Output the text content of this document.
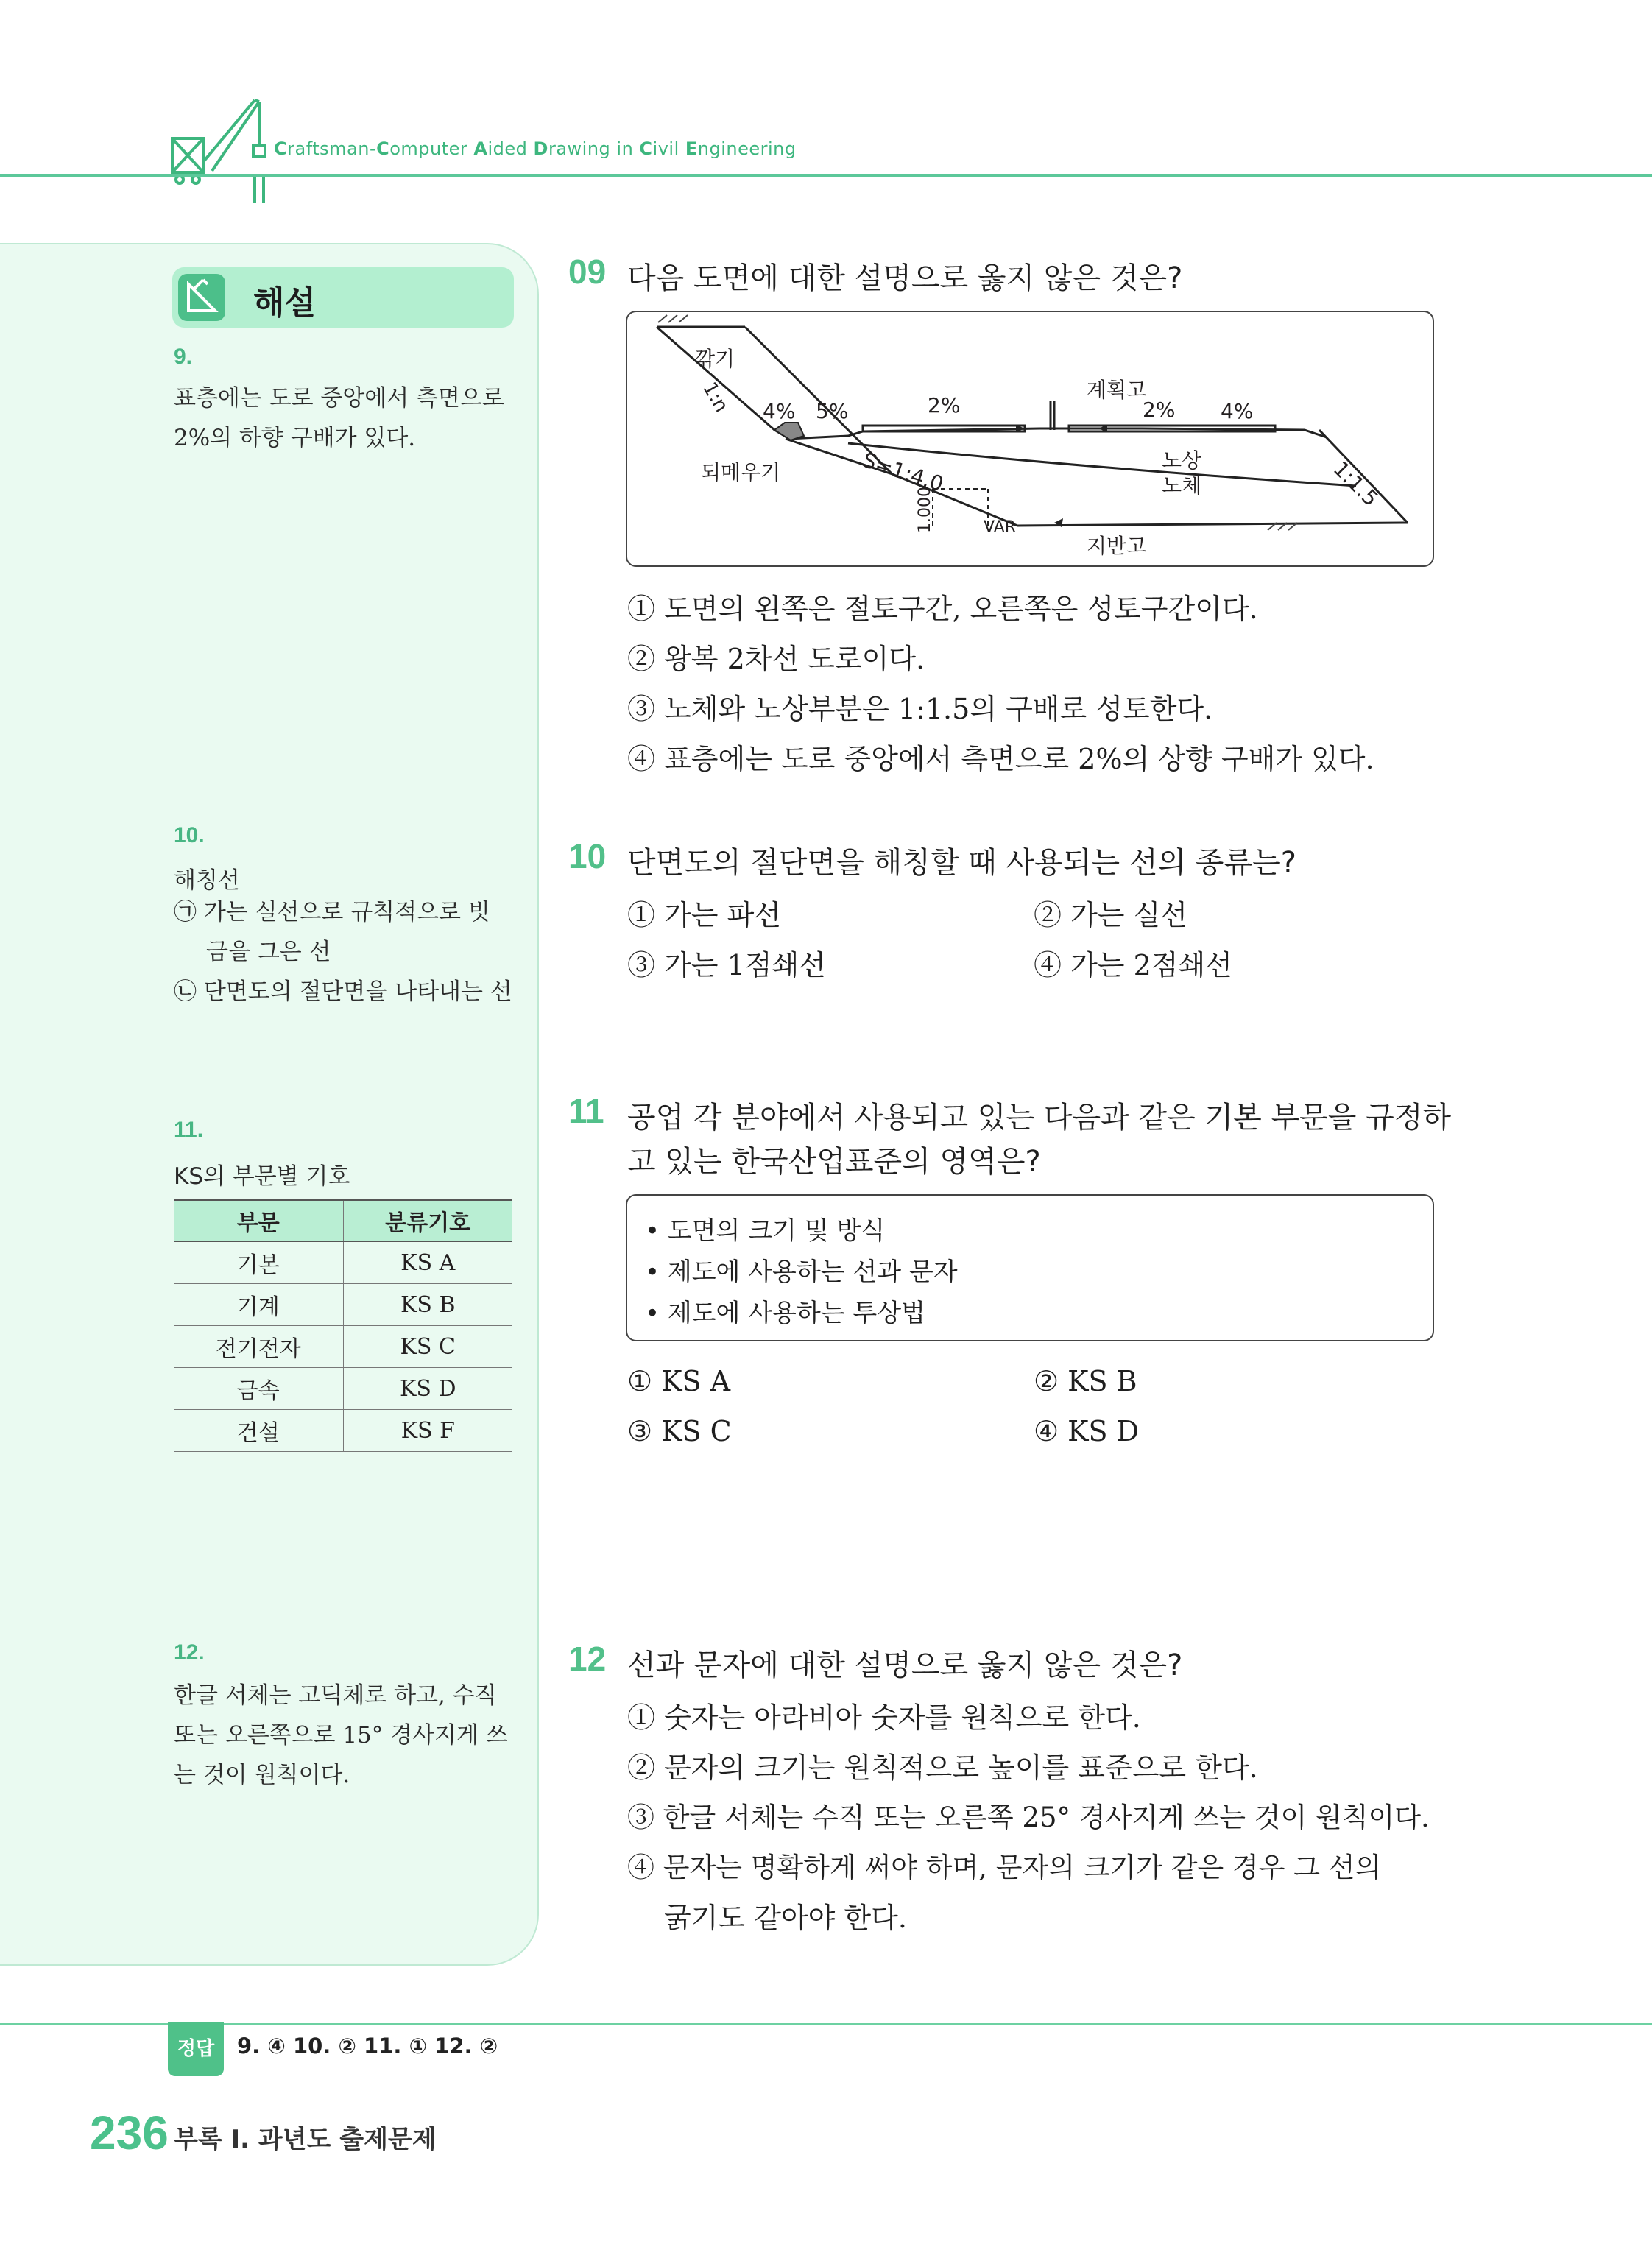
Craftsman-Computer Aided Drawing in Civil Engineering
해설
9.
표층에는 도로 중앙에서 측면으로
2%의 하향 구배가 있다.
10.
해칭선
㉠ 가는 실선으로 규칙적으로 빗
금을 그은 선
㉡ 단면도의 절단면을 나타내는 선
11.
KS의 부문별 기호
부문	분류기호
기본	KS A
기계	KS B
전기전자	KS C
금속	KS D
건설	KS F
12.
한글 서체는 고딕체로 하고, 수직
또는 오른쪽으로 15° 경사지게 쓰
는 것이 원칙이다.
09 다음 도면에 대한 설명으로 옳지 않은 것은?
깎기
1:n 4% 5%	2%
계획고
2% 4%
되메우기	S=1:4.0	노상
노체	1:1.5
1.000	VAR
지반고
① 도면의 왼쪽은 절토구간, 오른쪽은 성토구간이다.
② 왕복 2차선 도로이다.
③ 노체와 노상부분은 1:1.5의 구배로 성토한다.
④ 표층에는 도로 중앙에서 측면으로 2%의 상향 구배가 있다.
10 단면도의 절단면을 해칭할 때 사용되는 선의 종류는?
① 가는 파선	② 가는 실선
③ 가는 1점쇄선	④ 가는 2점쇄선
11 공업 각 분야에서 사용되고 있는 다음과 같은 기본 부문을 규정하
고 있는 한국산업표준의 영역은?
• 도면의 크기 및 방식
• 제도에 사용하는 선과 문자
• 제도에 사용하는 투상법
① KS A	② KS B
③ KS C	④ KS D
12 선과 문자에 대한 설명으로 옳지 않은 것은?
① 숫자는 아라비아 숫자를 원칙으로 한다.
② 문자의 크기는 원칙적으로 높이를 표준으로 한다.
③ 한글 서체는 수직 또는 오른쪽 25° 경사지게 쓰는 것이 원칙이다.
④ 문자는 명확하게 써야 하며, 문자의 크기가 같은 경우 그 선의
굵기도 같아야 한다.
정답	9. ④ 10. ② 11. ① 12. ②
236 부록 I. 과년도 출제문제
